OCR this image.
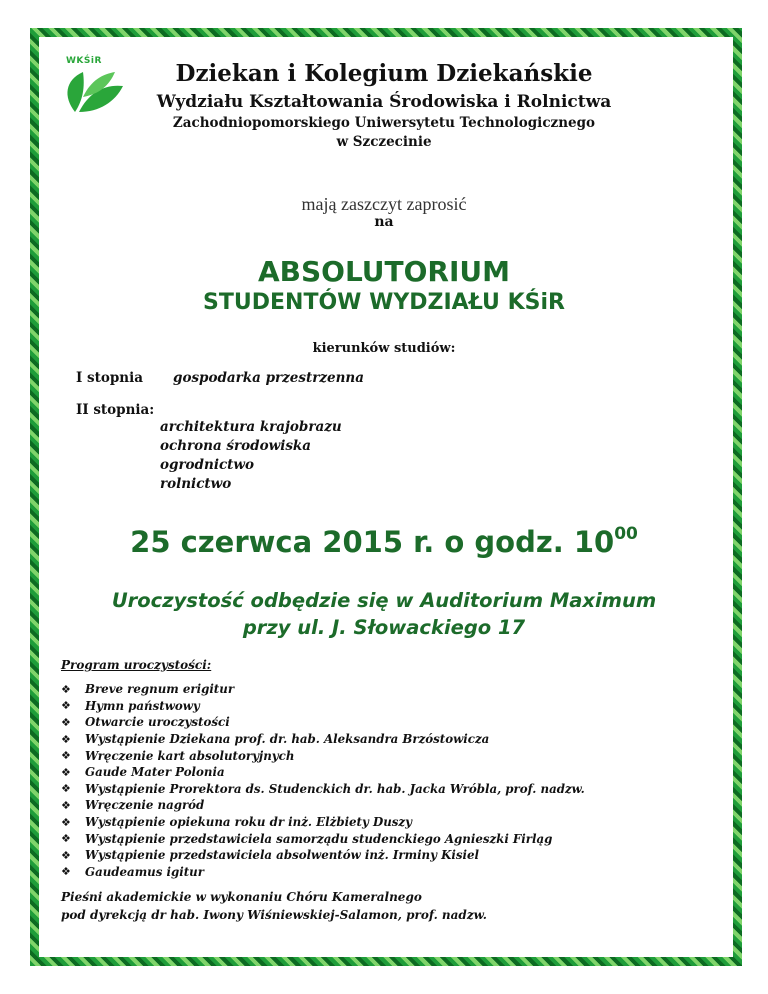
WKŚiR	Dziekan i Kolegium Dziekańskie
Wydziału Kształtowania Środowiska i Rolnictwa
Zachodniopomorskiego Uniwersytetu Technologicznego
w Szczecinie
mają zaszczyt zaprosić
na
ABSOLUTORIUM
STUDENTÓW WYDZIAŁU KŚiR
kierunków studiów:
I stopnia gospodarka przestrzenna
II stopnia:
architektura krajobrazu
ochrona środowiska
ogrodnictwo
rolnictwo
25 czerwca 2015 r. o godz. $10^{00}$
Uroczystość odbędzie się w Auditorium Maximum
przy ul. J. Słowackiego 17
Program uroczystości:
❖	Breve regnum erigitur
❖	Hymn państwowy
❖	Otwarcie uroczystości
❖	Wystąpienie Dziekana prof. dr. hab. Aleksandra Brzóstowicza
❖	Wręczenie kart absolutoryjnych
❖	Gaude Mater Polonia
❖	Wystąpienie Prorektora ds. Studenckich dr. hab. Jacka Wróbla, prof. nadzw.
❖	Wręczenie nagród
❖	Wystąpienie opiekuna roku dr inż. Elżbiety Duszy
❖	Wystąpienie przedstawiciela samorządu studenckiego Agnieszki Firląg
❖	Wystąpienie przedstawiciela absolwentów inż. Irminy Kisiel
❖	Gaudeamus igitur
Pieśni akademickie w wykonaniu Chóru Kameralnego
pod dyrekcją dr hab. Iwony Wiśniewskiej-Salamon, prof. nadzw.
